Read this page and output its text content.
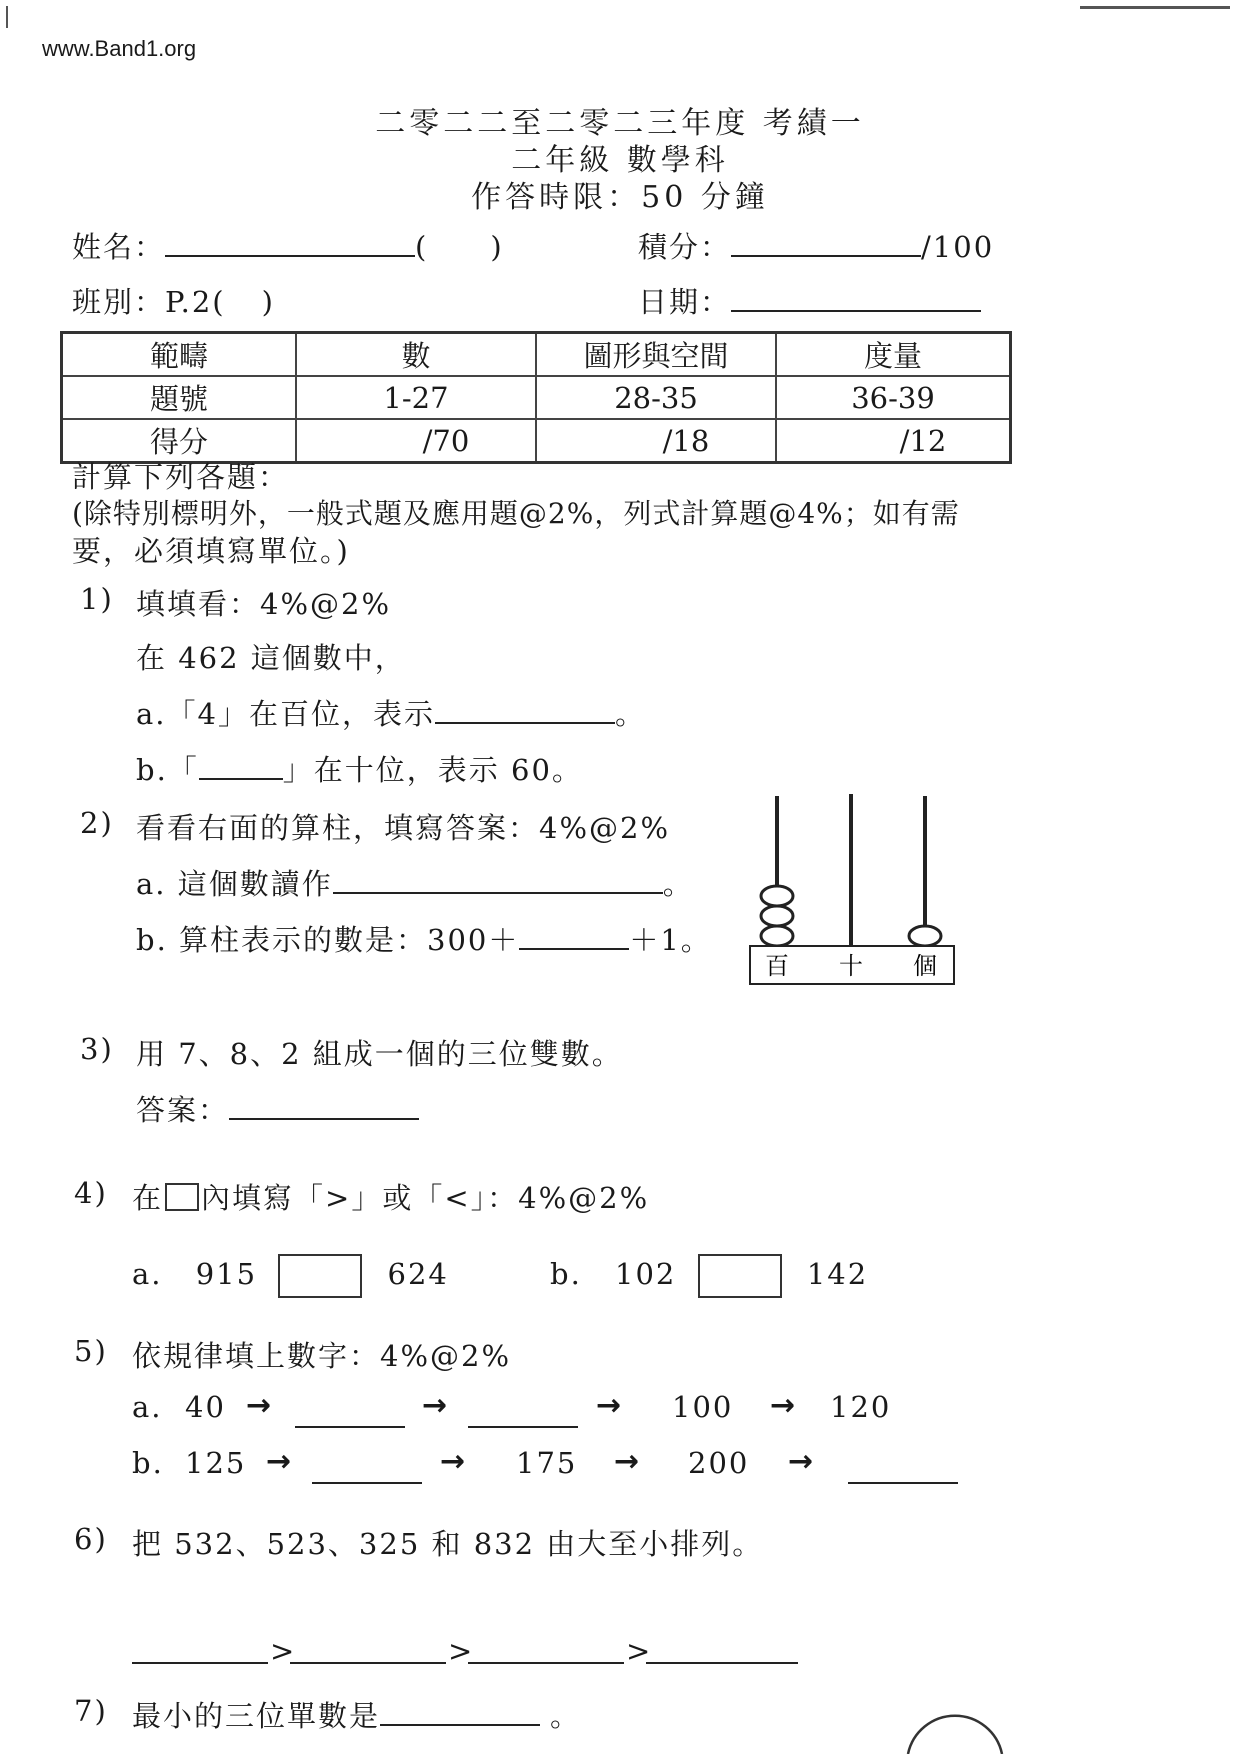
www.Band1.org
二零二二至二零二三年度 考績一
二年級 數學科
作答時限：50 分鐘
姓名：	(　　)	積分：	/100
班別：P.2( )	日期：
範疇	數	圖形與空間	度量
題號	1-27	28-35	36-39
得分	/70	/18	/12
計算下列各題：
(除特別標明外，一般式題及應用題@2%，列式計算題@4%；如有需
要，必須填寫單位。)
1) 填填看：4%@2%
在 462 這個數中，
a.「4」在百位，表示	。
b.「	」在十位，表示 60。
2) 看看右面的算柱，填寫答案：4%@2%
a. 這個數讀作	。
b. 算柱表示的數是：300＋	＋1。
百 十 個
3) 用 7、8、2 組成一個的三位雙數。
答案：
4) 在 內填寫「>」或「<」：4%@2%
a. 915	624	b. 102	142
5) 依規律填上數字：4%@2%
a. 40 →	→	→ 100 → 120
b. 125 →	→ 175 → 200 →
6) 把 532、523、325 和 832 由大至小排列。
>	>	>
7) 最小的三位單數是	。
